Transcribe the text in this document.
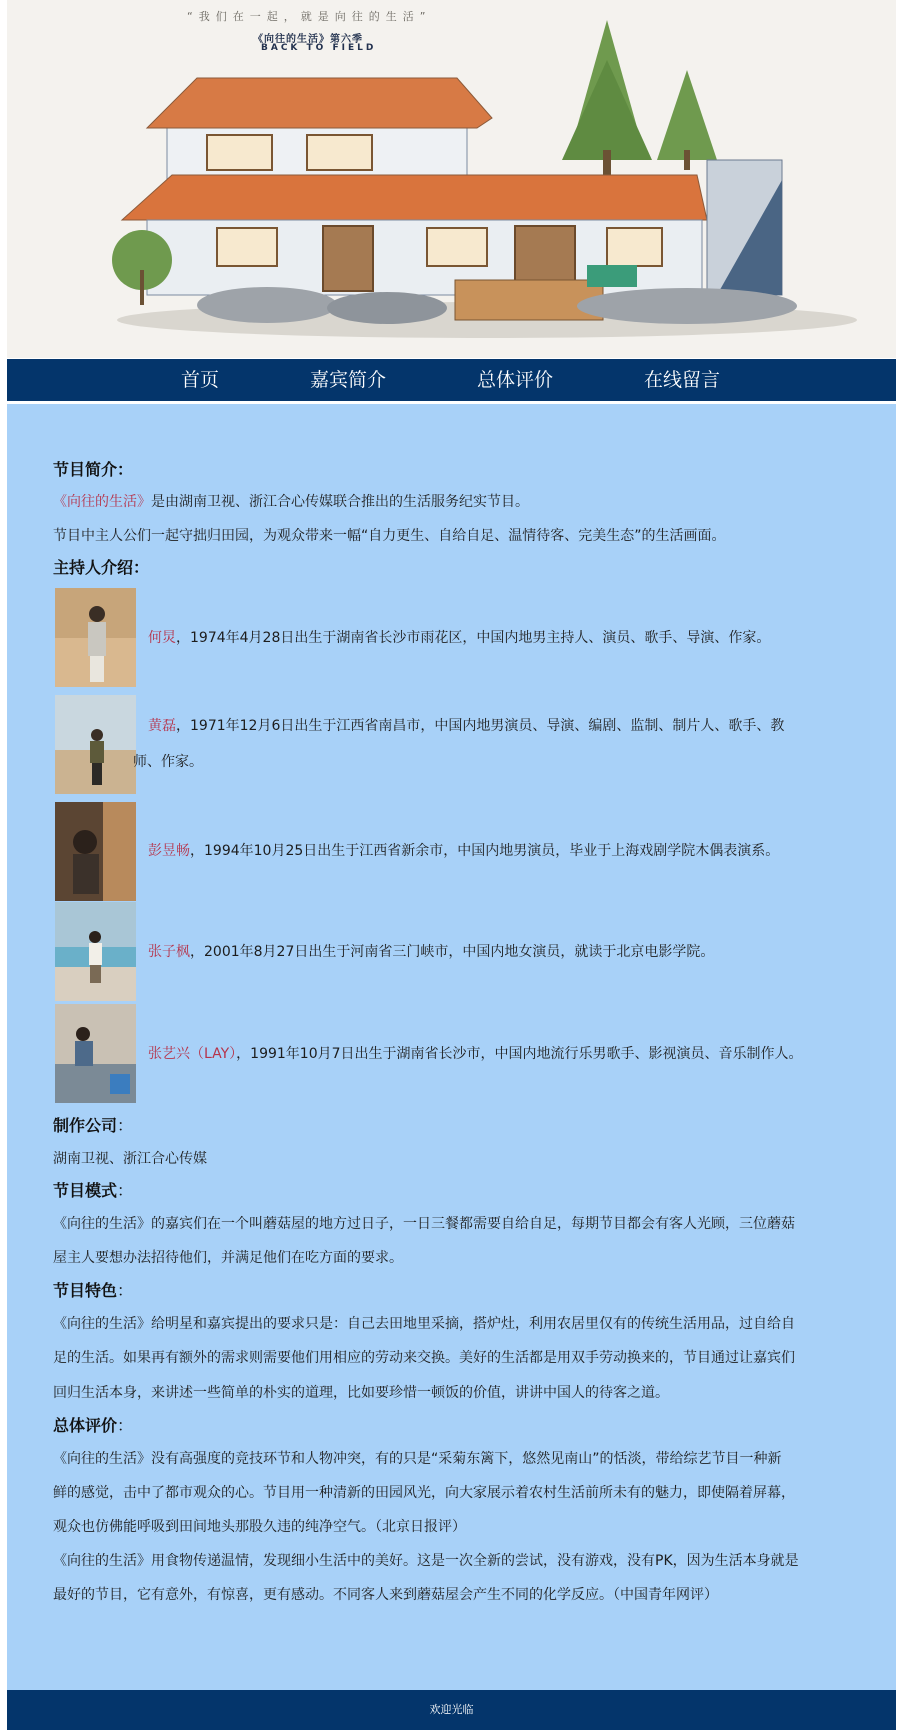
“我们在一起，就是向往的生活”
《向往的生活》第六季
BACK TO FIELD
首页	嘉宾简介	总体评价	在线留言
节目简介：
《向往的生活》是由湖南卫视、浙江合心传媒联合推出的生活服务纪实节目。
节目中主人公们一起守拙归田园，为观众带来一幅“自力更生、自给自足、温情待客、完美生态”的生活画面。
主持人介绍：
何炅，1974年4月28日出生于湖南省长沙市雨花区，中国内地男主持人、演员、歌手、导演、作家。
黄磊，1971年12月6日出生于江西省南昌市，中国内地男演员、导演、编剧、监制、制片人、歌手、教
师、作家。
彭昱畅，1994年10月25日出生于江西省新余市，中国内地男演员，毕业于上海戏剧学院木偶表演系。
张子枫，2001年8月27日出生于河南省三门峡市，中国内地女演员，就读于北京电影学院。
张艺兴（LAY），1991年10月7日出生于湖南省长沙市，中国内地流行乐男歌手、影视演员、音乐制作人。
制作公司：
湖南卫视、浙江合心传媒
节目模式：
《向往的生活》的嘉宾们在一个叫蘑菇屋的地方过日子，一日三餐都需要自给自足，每期节目都会有客人光顾，三位蘑菇
屋主人要想办法招待他们，并满足他们在吃方面的要求。
节目特色：
《向往的生活》给明星和嘉宾提出的要求只是：自己去田地里采摘，搭炉灶，利用农居里仅有的传统生活用品，过自给自
足的生活。如果再有额外的需求则需要他们用相应的劳动来交换。美好的生活都是用双手劳动换来的，节目通过让嘉宾们
回归生活本身，来讲述一些简单的朴实的道理，比如要珍惜一顿饭的价值，讲讲中国人的待客之道。
总体评价：
《向往的生活》没有高强度的竞技环节和人物冲突，有的只是“采菊东篱下，悠然见南山”的恬淡，带给综艺节目一种新
鲜的感觉，击中了都市观众的心。节目用一种清新的田园风光，向大家展示着农村生活前所未有的魅力，即使隔着屏幕，
观众也仿佛能呼吸到田间地头那股久违的纯净空气。（北京日报评）
《向往的生活》用食物传递温情，发现细小生活中的美好。这是一次全新的尝试，没有游戏，没有PK，因为生活本身就是
最好的节目，它有意外，有惊喜，更有感动。不同客人来到蘑菇屋会产生不同的化学反应。（中国青年网评）
欢迎光临
